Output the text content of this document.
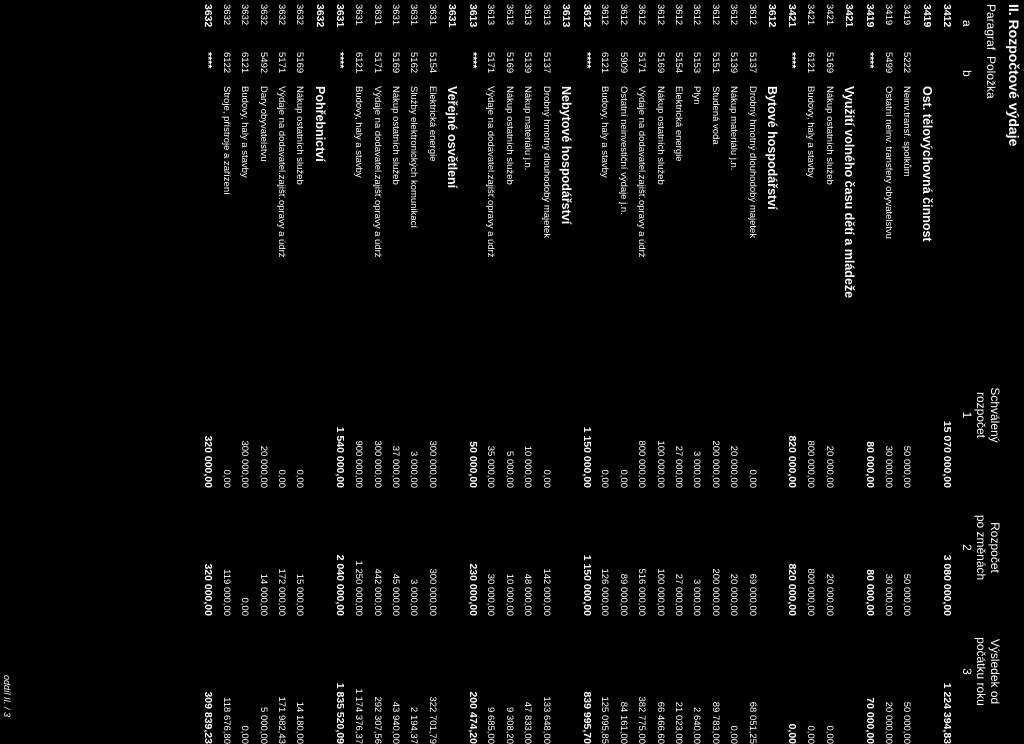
II. Rozpočtové výdaje
Paragraf
Položka
a
b
Schválený
rozpočet
1
Rozpočet
po změnách
2
Výsledek od
počátku roku
3
3412			15 070 000,00	3 080 000,00	1 224 394,83
3419		Ost. tělovýchovná činnost			
3419	5222	Neinv.transf. spolkům	50 000,00	50 000,00	50 000,00
3419	5499	Ostatní neinv. transfery obyvatelstvu	30 000,00	30 000,00	20 000,00
3419	****		80 000,00	80 000,00	70 000,00
3421		Využití volného času dětí a mládeže			
3421	5169	Nákup ostatních služeb	20 000,00	20 000,00	0,00
3421	6121	Budovy, haly a stavby	800 000,00	800 000,00	0,00
3421	****		820 000,00	820 000,00	0,00
3612		Bytové hospodářství			
3612	5137	Drobný hmotný dlouhodobý majetek	0,00	69 000,00	68 051,25
3612	5139	Nákup materiálu j.n.	20 000,00	20 000,00	0,00
3612	5151	Studená voda	200 000,00	200 000,00	89 783,00
3612	5153	Plyn	3 000,00	3 000,00	2 640,00
3612	5154	Elektrická energie	27 000,00	27 000,00	21 023,00
3612	5169	Nákup ostatních služeb	100 000,00	100 000,00	66 466,60
3612	5171	Výdaje na dodavatel.zajišť.opravy a údrž	800 000,00	516 000,00	382 775,00
3612	5909	Ostatní neinvestiční výdaje j.n.	0,00	89 000,00	84 161,00
3612	6121	Budovy, haly a stavby	0,00	126 000,00	125 095,85
3612	****		1 150 000,00	1 150 000,00	839 995,70
3613		Nebytové hospodářství			
3613	5137	Drobný hmotný dlouhodobý majetek	0,00	142 000,00	133 648,00
3613	5139	Nákup materiálu j.n.	10 000,00	48 000,00	47 833,00
3613	5169	Nákup ostatních služeb	5 000,00	10 000,00	9 308,20
3613	5171	Výdaje na dodavatel.zajišť.opravy a údrž	35 000,00	30 000,00	9 685,00
3613	****		50 000,00	230 000,00	200 474,20
3631		Veřejné osvětlení			
3631	5154	Elektrická energie	300 000,00	300 000,00	322 701,79
3631	5162	Služby elektronických komunikací	3 000,00	3 000,00	2 194,37
3631	5169	Nákup ostatních služeb	37 000,00	45 000,00	43 940,00
3631	5171	Výdaje na dodavatel.zajišť.opravy a údrž	300 000,00	442 000,00	292 307,56
3631	6121	Budovy, haly a stavby	900 000,00	1 250 000,00	1 174 376,37
3631	****		1 540 000,00	2 040 000,00	1 835 520,09
3632		Pohřebnictví			
3632	5169	Nákup ostatních služeb	0,00	15 000,00	14 180,00
3632	5171	Výdaje na dodavatel.zajišť.opravy a údrž	0,00	172 000,00	171 982,43
3632	5492	Dary obyvatelstvu	20 000,00	14 000,00	5 000,00
3632	6121	Budovy, haly a stavby	300 000,00	0,00	0,00
3632	6122	Stroje, přístroje a zařízení	0,00	119 000,00	118 676,80
3632	****		320 000,00	320 000,00	309 839,23
oddíl II. / 3
